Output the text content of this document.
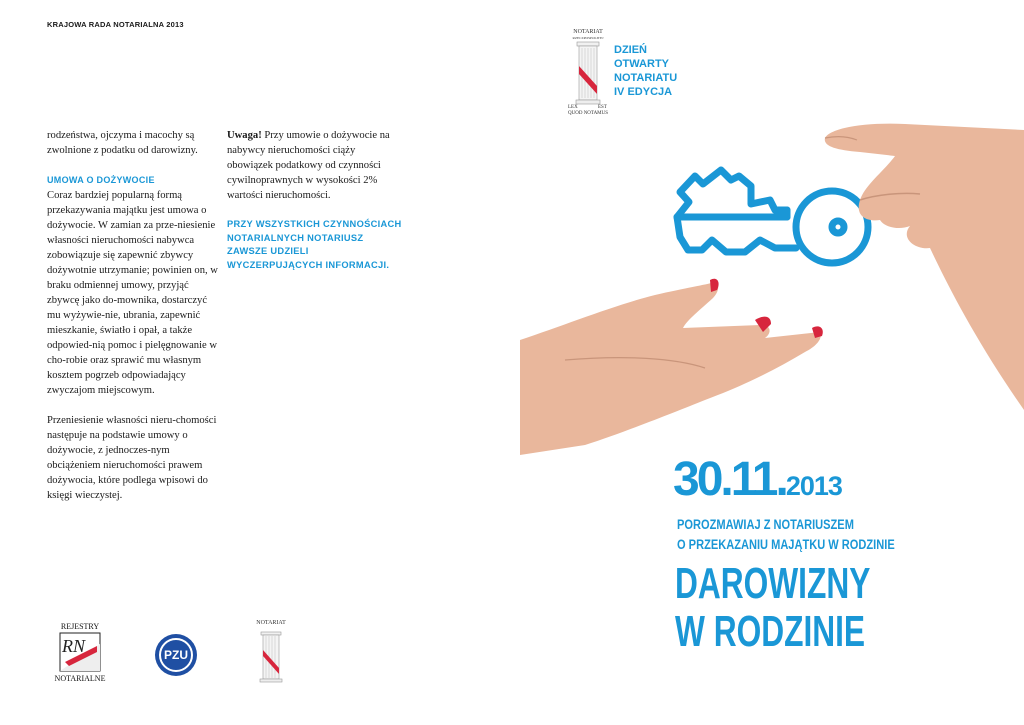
KRAJOWA RADA NOTARIALNA 2013

rodzeństwa, ojczyma i macochy są zwolnione z podatku od darowizny.

UMOWA O DOŻYWOCIE

Coraz bardziej popularną formą przekazywania majątku jest umowa o dożywocie. W zamian za prze-niesienie własności nieruchomości nabywca zobowiązuje się zapewnić zbywcy dożywotnie utrzymanie; powinien on, w braku odmiennej umowy, przyjąć zbywcę jako do-mownika, dostarczyć mu wyżywie-nie, ubrania, zapewnić mieszkanie, światło i opał, a także odpowied-nią pomoc i pielęgnowanie w cho-robie oraz sprawić mu własnym kosztem pogrzeb odpowiadający zwyczajom miejscowym.

Przeniesienie własności nieru-chomości następuje na podstawie umowy o dożywocie, z jednoczes-nym obciążeniem nieruchomości prawem dożywocia, które podlega wpisowi do księgi wieczystej.

Uwaga! Przy umowie o dożywocie na nabywcy nieruchomości ciąży obowiązek podatkowy od czynności cywilnoprawnych w wysokości 2% wartości nieruchomości.

PRZY WSZYSTKICH CZYNNOŚCIACH NOTARIALNYCH NOTARIUSZ ZAWSZE UDZIELI WYCZERPUJĄCYCH INFORMACJI.
NOTARIAT
RZECZPOSPOLITEJ
LEX	EST
QUOD NOTAMUS
DZIEŃ
OTWARTY
NOTARIATU
IV EDYCJA
30.11.2013
POROZMAWIAJ Z NOTARIUSZEM
O PRZEKAZANIU MAJĄTKU W RODZINIE
DAROWIZNY
W RODZINIE
REJESTRY
RN
NOTARIALNE
PZU
NOTARIAT
